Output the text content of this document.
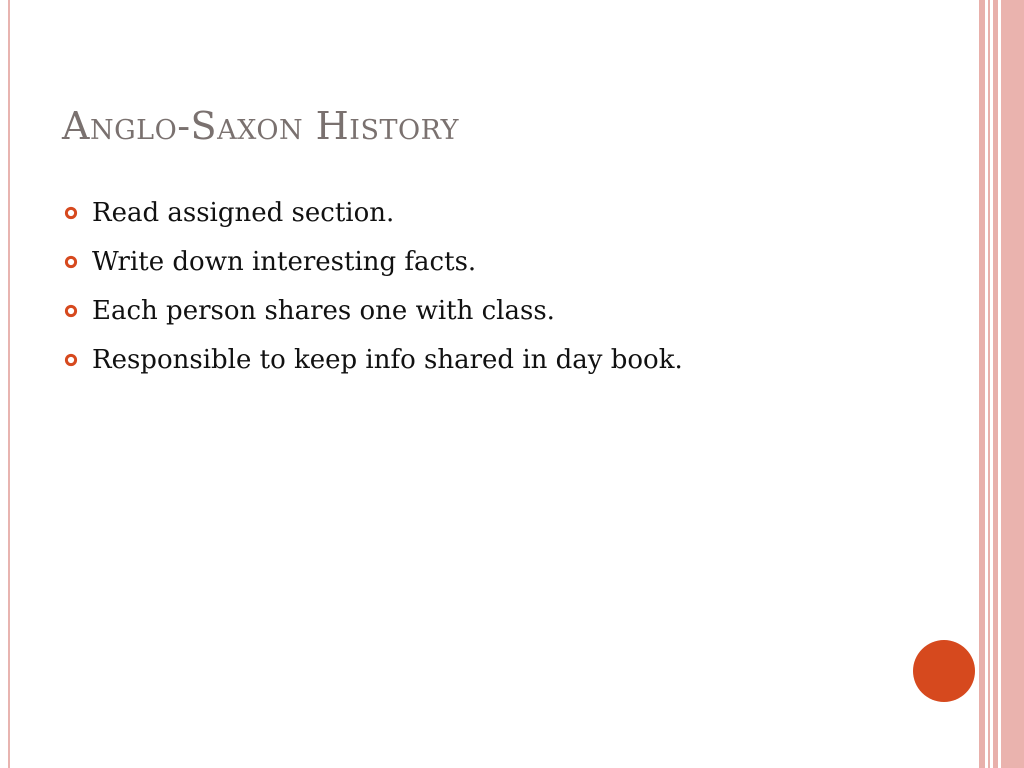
Anglo-Saxon History
Read assigned section.
Write down interesting facts.
Each person shares one with class.
Responsible to keep info shared in day book.
